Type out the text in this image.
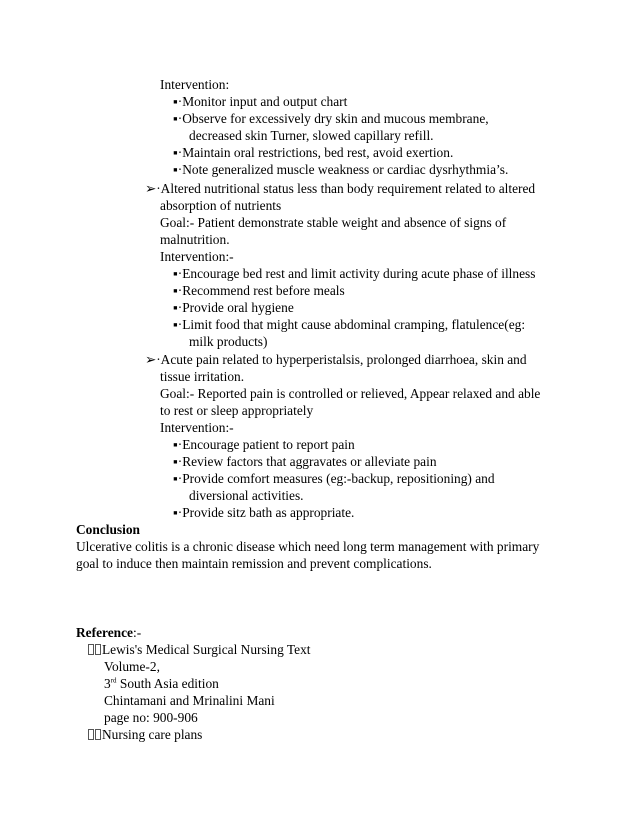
Intervention:
▪·Monitor input and output chart
▪·Observe for excessively dry skin and mucous membrane,
decreased skin Turner, slowed capillary refill.
▪·Maintain oral restrictions, bed rest, avoid exertion.
▪·Note generalized muscle weakness or cardiac dysrhythmia’s.
➢·Altered nutritional status less than body requirement related to altered
absorption of nutrients
Goal:- Patient demonstrate stable weight and absence of signs of
malnutrition.
Intervention:-
▪·Encourage bed rest and limit activity during acute phase of illness
▪·Recommend rest before meals
▪·Provide oral hygiene
▪·Limit food that might cause abdominal cramping, flatulence(eg:
milk products)
➢·Acute pain related to hyperperistalsis, prolonged diarrhoea, skin and
tissue irritation.
Goal:- Reported pain is controlled or relieved, Appear relaxed and able
to rest or sleep appropriately
Intervention:-
▪·Encourage patient to report pain
▪·Review factors that aggravates or alleviate pain
▪·Provide comfort measures (eg:-backup, repositioning) and
diversional activities.
▪·Provide sitz bath as appropriate.
Conclusion
Ulcerative colitis is a chronic disease which need long term management with primary
goal to induce then maintain remission and prevent complications.
Reference:-
Lewis's Medical Surgical Nursing Text
Volume-2,
3rd South Asia edition
Chintamani and Mrinalini Mani
page no: 900-906
Nursing care plans
